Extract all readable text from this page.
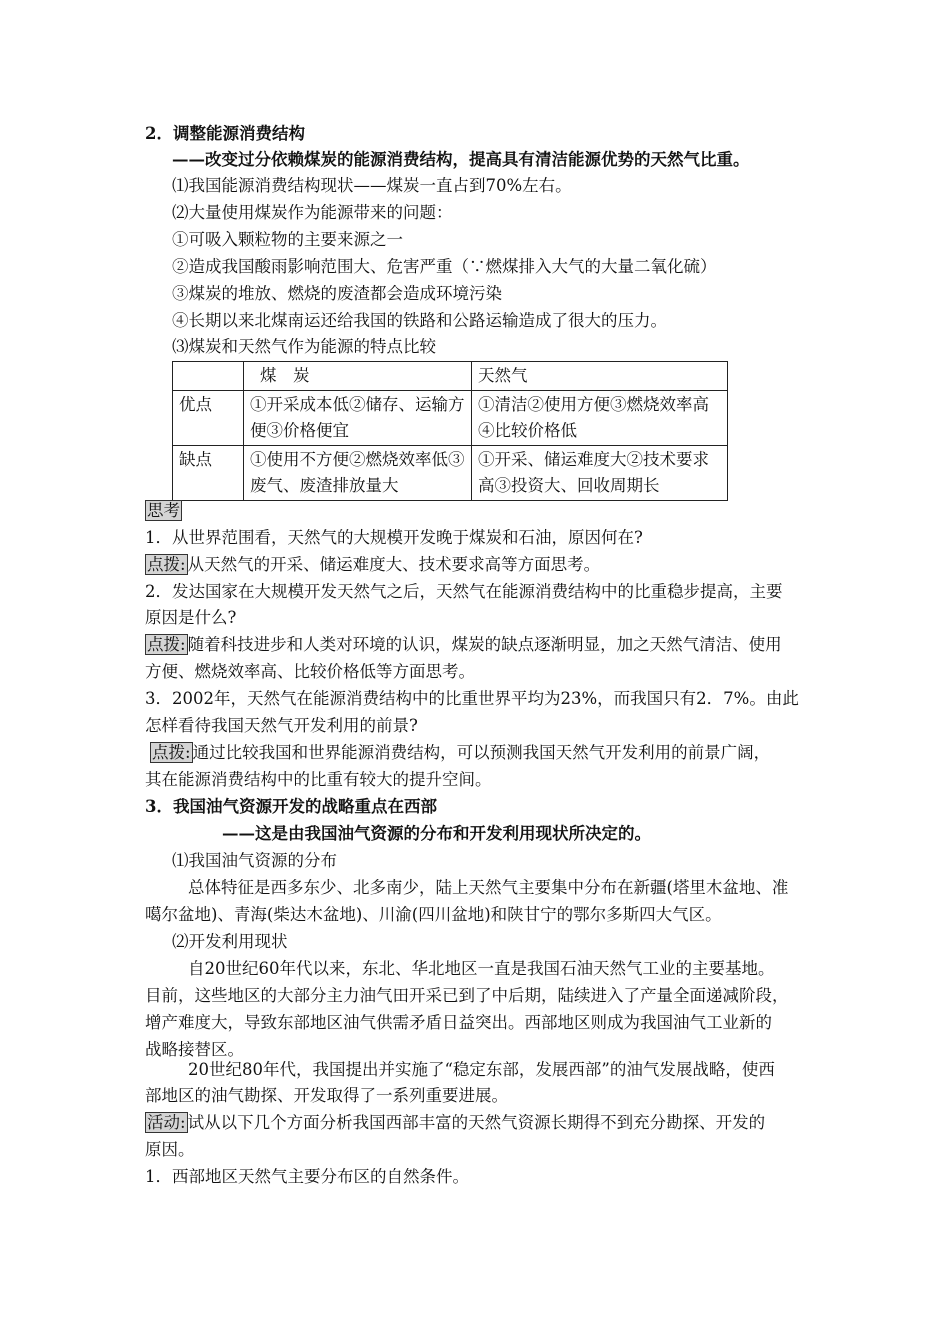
2．调整能源消费结构
——改变过分依赖煤炭的能源消费结构，提高具有清洁能源优势的天然气比重。
⑴我国能源消费结构现状——煤炭一直占到70%左右。
⑵大量使用煤炭作为能源带来的问题：
①可吸入颗粒物的主要来源之一
②造成我国酸雨影响范围大、危害严重（∵燃煤排入大气的大量二氧化硫）
③煤炭的堆放、燃烧的废渣都会造成环境污染
④长期以来北煤南运还给我国的铁路和公路运输造成了很大的压力。
⑶煤炭和天然气作为能源的特点比较
	煤　炭	天然气
优点	①开采成本低②储存、运输方便③价格便宜	①清洁②使用方便③燃烧效率高④比较价格低
缺点	①使用不方便②燃烧效率低③废气、废渣排放量大	①开采、储运难度大②技术要求高③投资大、回收周期长
思考
1．从世界范围看，天然气的大规模开发晚于煤炭和石油，原因何在?
点拨: 从天然气的开采、储运难度大、技术要求高等方面思考。
2．发达国家在大规模开发天然气之后，天然气在能源消费结构中的比重稳步提高，主要
原因是什么?
点拨: 随着科技进步和人类对环境的认识，煤炭的缺点逐渐明显，加之天然气清洁、使用
方便、燃烧效率高、比较价格低等方面思考。
3．2002年，天然气在能源消费结构中的比重世界平均为23%，而我国只有2．7%。由此
怎样看待我国天然气开发利用的前景?
点拨: 通过比较我国和世界能源消费结构，可以预测我国天然气开发利用的前景广阔，
其在能源消费结构中的比重有较大的提升空间。
3．我国油气资源开发的战略重点在西部
——这是由我国油气资源的分布和开发利用现状所决定的。
⑴我国油气资源的分布
总体特征是西多东少、北多南少，陆上天然气主要集中分布在新疆(塔里木盆地、准
噶尔盆地)、青海(柴达木盆地)、川渝(四川盆地)和陕甘宁的鄂尔多斯四大气区。
⑵开发利用现状
自20世纪60年代以来，东北、华北地区一直是我国石油天然气工业的主要基地。
目前，这些地区的大部分主力油气田开采已到了中后期，陆续进入了产量全面递减阶段，
增产难度大，导致东部地区油气供需矛盾日益突出。西部地区则成为我国油气工业新的
战略接替区。
20世纪80年代，我国提出并实施了“稳定东部，发展西部”的油气发展战略，使西
部地区的油气勘探、开发取得了一系列重要进展。
活动: 试从以下几个方面分析我国西部丰富的天然气资源长期得不到充分勘探、开发的
原因。
1．西部地区天然气主要分布区的自然条件。
